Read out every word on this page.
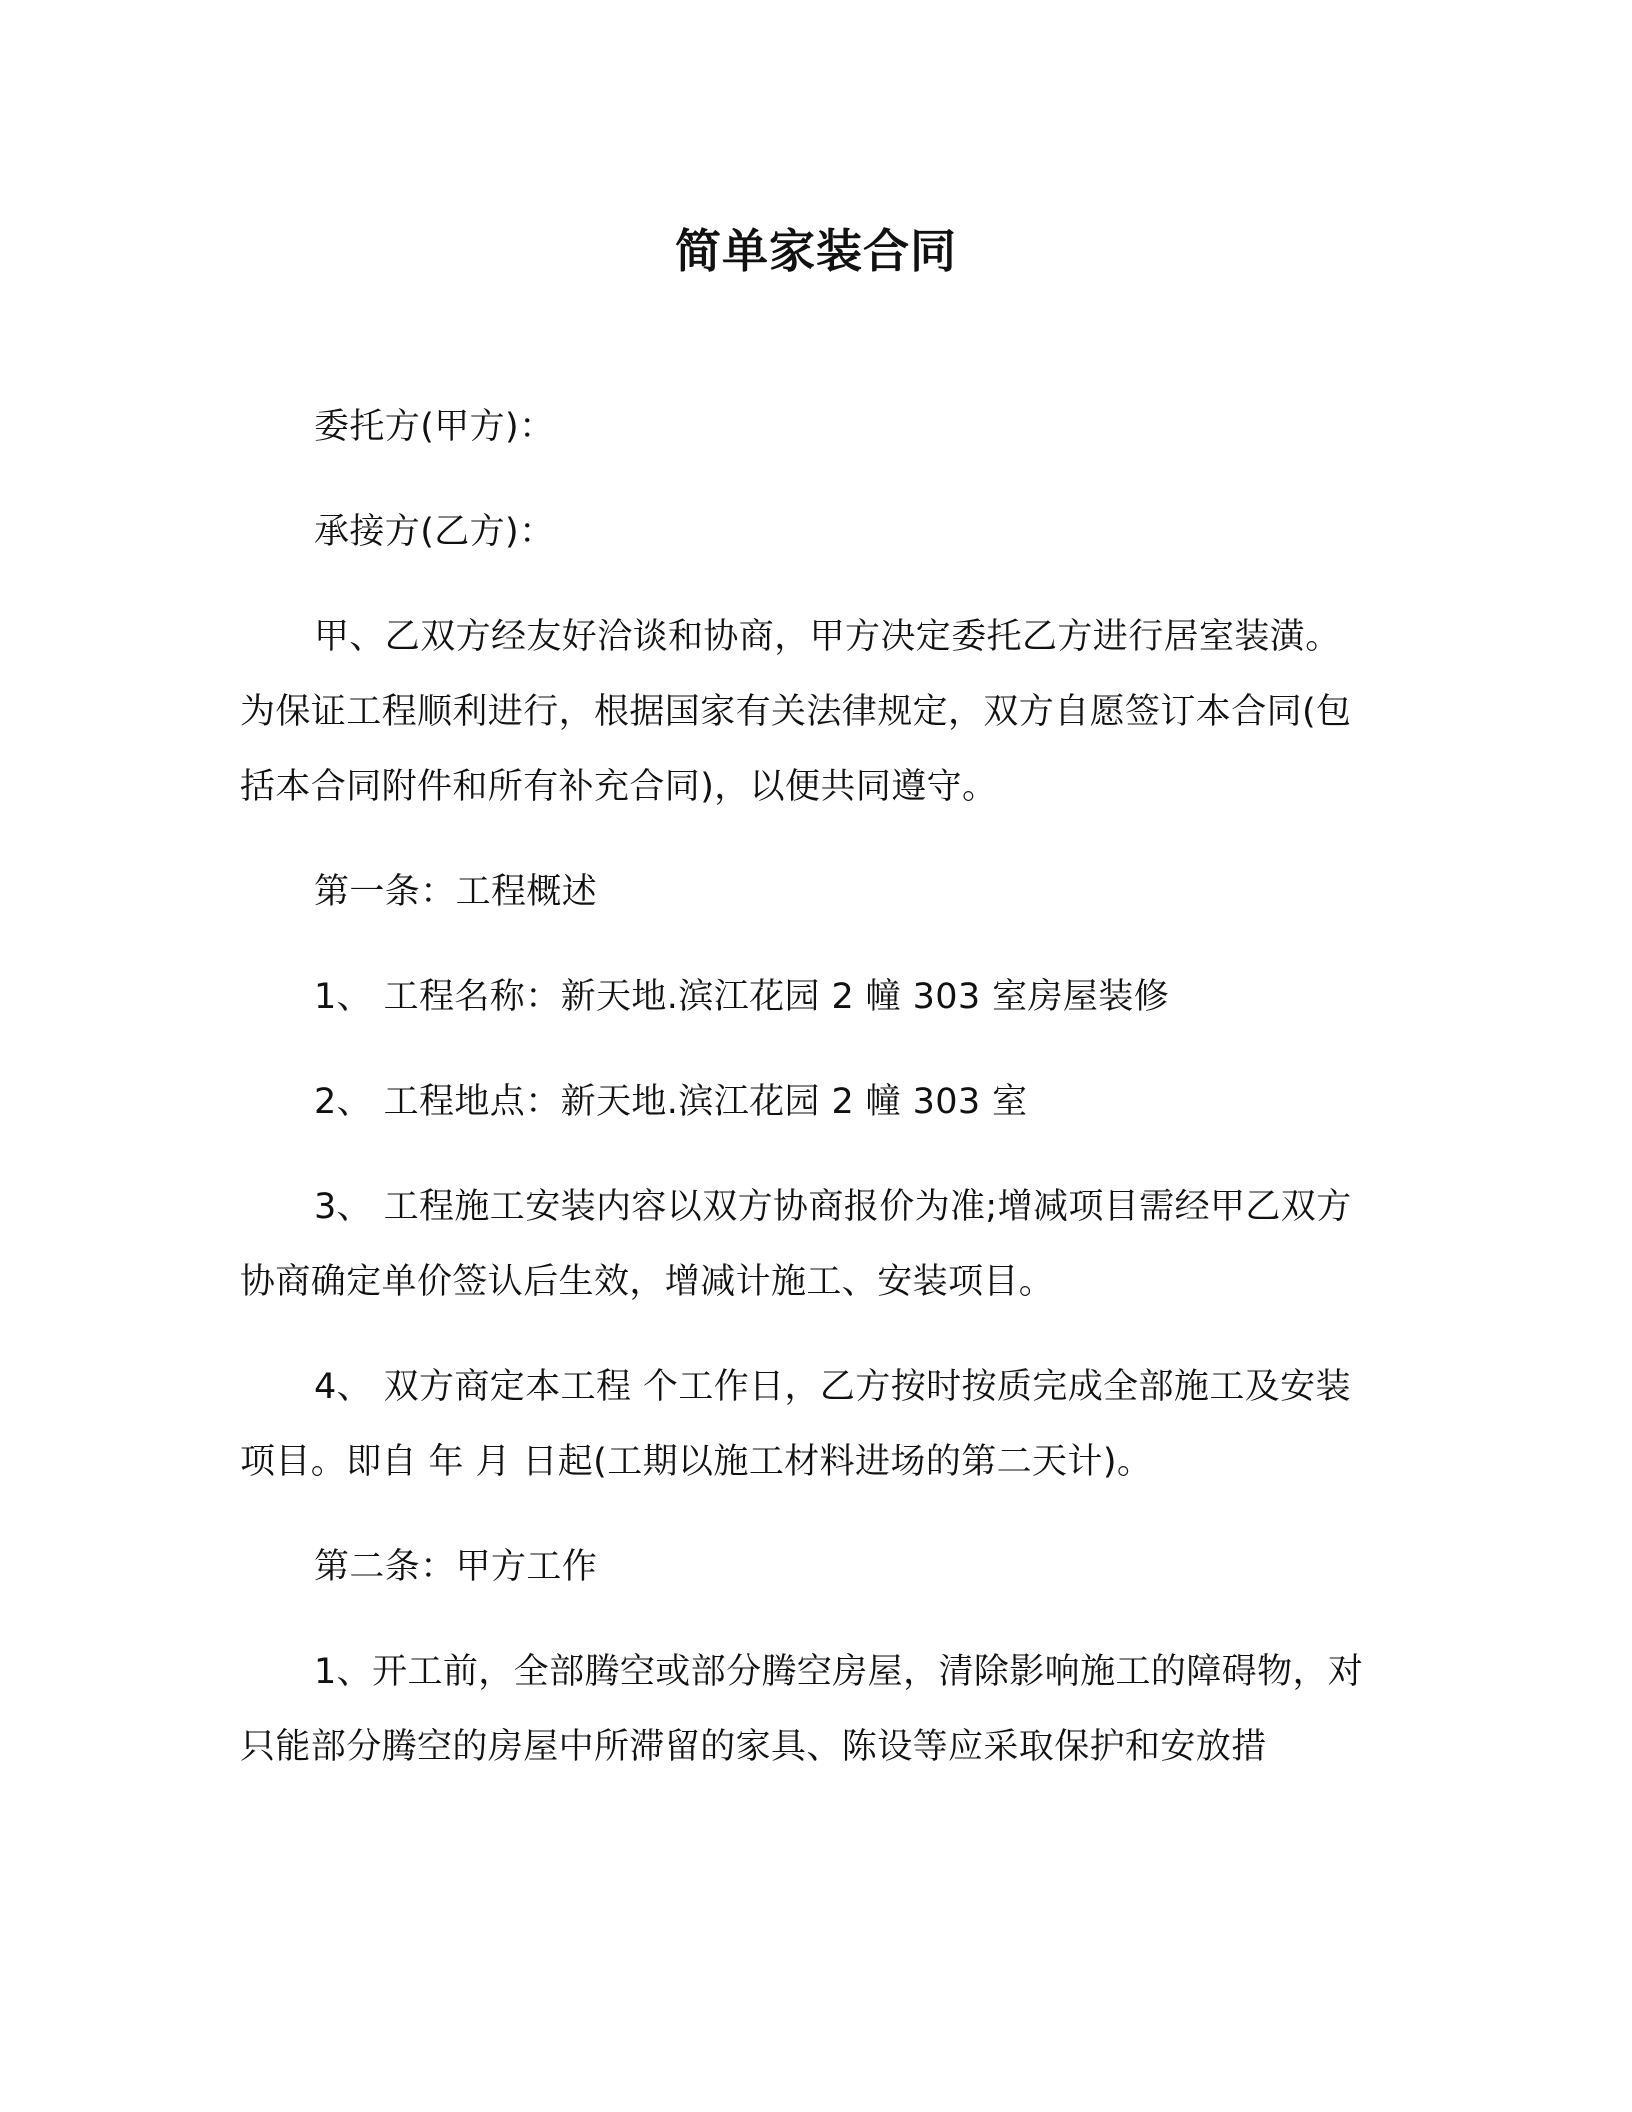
简单家装合同

委托方(甲方)：

承接方(乙方)：

甲、乙双方经友好洽谈和协商，甲方决定委托乙方进行居室装潢。为保证工程顺利进行，根据国家有关法律规定，双方自愿签订本合同(包括本合同附件和所有补充合同)，以便共同遵守。

第一条：工程概述

1、 工程名称：新天地.滨江花园 2 幢 303 室房屋装修

2、 工程地点：新天地.滨江花园 2 幢 303 室

3、 工程施工安装内容以双方协商报价为准;增减项目需经甲乙双方协商确定单价签认后生效，增减计施工、安装项目。

4、 双方商定本工程 个工作日，乙方按时按质完成全部施工及安装项目。即自 年 月 日起(工期以施工材料进场的第二天计)。

第二条：甲方工作

1、开工前，全部腾空或部分腾空房屋，清除影响施工的障碍物，对只能部分腾空的房屋中所滞留的家具、陈设等应采取保护和安放措
